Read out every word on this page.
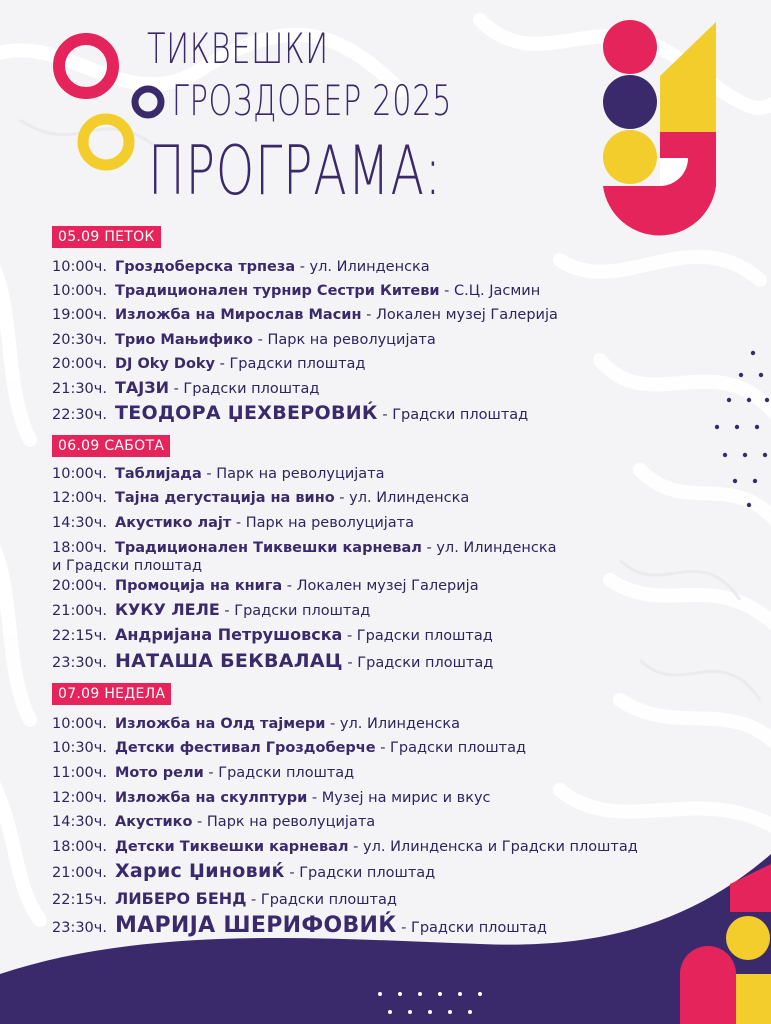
ТИКВЕШКИ
ГРОЗДОБЕР 2025
ПРОГРАМА:
05.09 ПЕТОК
10:00ч. Гроздоберска трпеза - ул. Илинденска
10:00ч. Традиционален турнир Сестри Китеви - С.Ц. Јасмин
19:00ч. Изложба на Мирослав Масин - Локален музеј Галерија
20:30ч. Трио Мањифико - Парк на револуцијата
20:00ч. DJ Oky Doky - Градски плоштад
21:30ч. ТАЈЗИ - Градски плоштад
22:30ч. ТЕОДОРА ЏЕХВЕРОВИЌ - Градски плоштад
06.09 САБОТА
10:00ч. Таблијада - Парк на револуцијата
12:00ч. Тајна дегустација на вино - ул. Илинденска
14:30ч. Акустико лајт - Парк на револуцијата
18:00ч. Традиционален Тиквешки карневал - ул. Илинденска
и Градски плоштад
20:00ч. Промоција на книга - Локален музеј Галерија
21:00ч. КУКУ ЛЕЛЕ - Градски плоштад
22:15ч. Андријана Петрушовска - Градски плоштад
23:30ч. НАТАША БЕКВАЛАЦ - Градски плоштад
07.09 НЕДЕЛА
10:00ч. Изложба на Олд тајмери - ул. Илинденска
10:30ч. Детски фестивал Гроздоберче - Градски плоштад
11:00ч. Мото рели - Градски плоштад
12:00ч. Изложба на скулптури - Музеј на мирис и вкус
14:30ч. Акустико - Парк на револуцијата
18:00ч. Детски Тиквешки карневал - ул. Илинденска и Градски плоштад
21:00ч. Харис Џиновиќ - Градски плоштад
22:15ч. ЛИБЕРО БЕНД - Градски плоштад
23:30ч. МАРИЈА ШЕРИФОВИЌ - Градски плоштад
